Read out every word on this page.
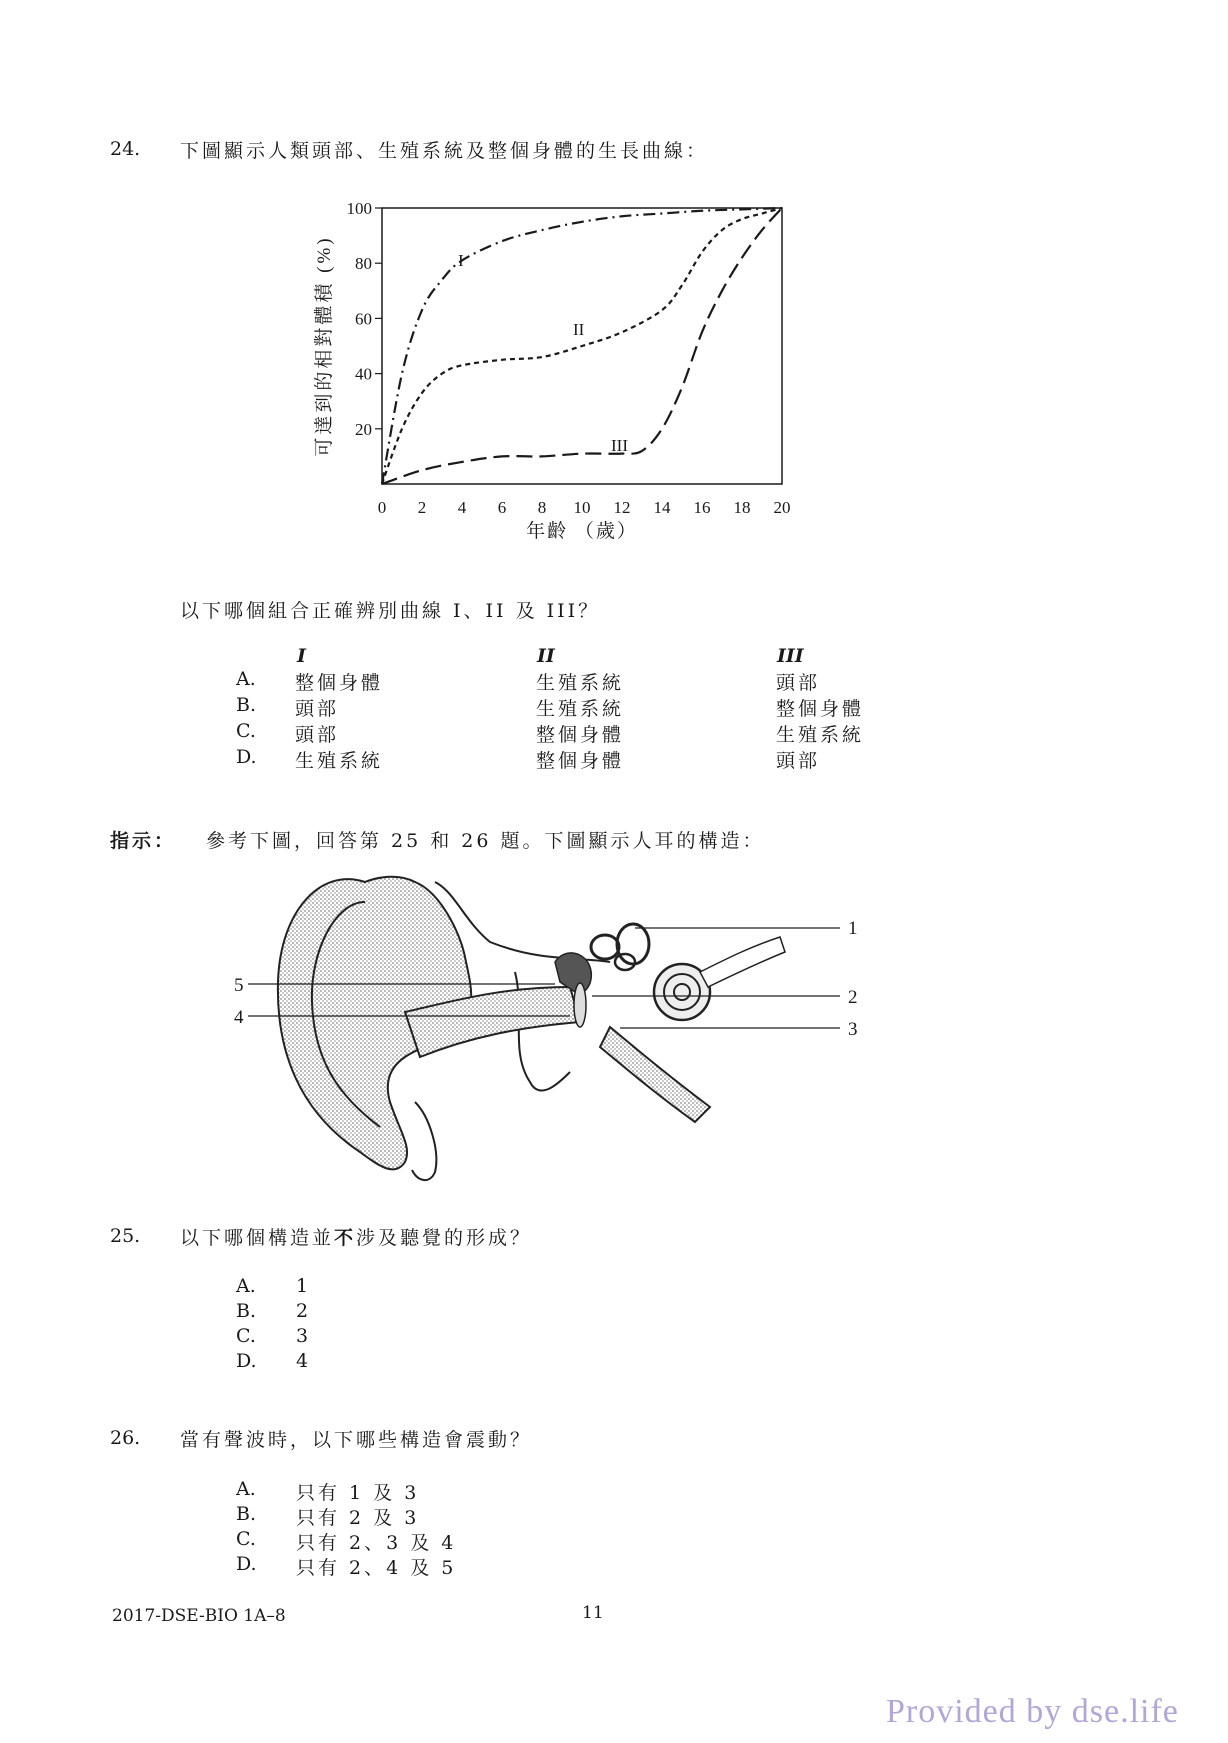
24. 下圖顯示人類頭部、生殖系統及整個身體的生長曲線：
可達到的相對體積 (%)
年齡 （歲）
0 2 4 6 8 10 12 14 16 18 20
20
40
60
80
100
I
II
III
以下哪個組合正確辨別曲線 I、II 及 III？
I	II	III
A. 整個身體	生殖系統	頭部
B. 頭部	生殖系統	整個身體
C. 頭部	整個身體	生殖系統
D. 生殖系統	整個身體	頭部
指示： 參考下圖，回答第 25 和 26 題。下圖顯示人耳的構造：
1
2
3
4
5
25. 以下哪個構造並不涉及聽覺的形成？
A. 1
B. 2
C. 3
D. 4
26. 當有聲波時，以下哪些構造會震動？
A. 只有 1 及 3
B. 只有 2 及 3
C. 只有 2、3 及 4
D. 只有 2、4 及 5
2017-DSE-BIO 1A–8	11
Provided by dse.life
